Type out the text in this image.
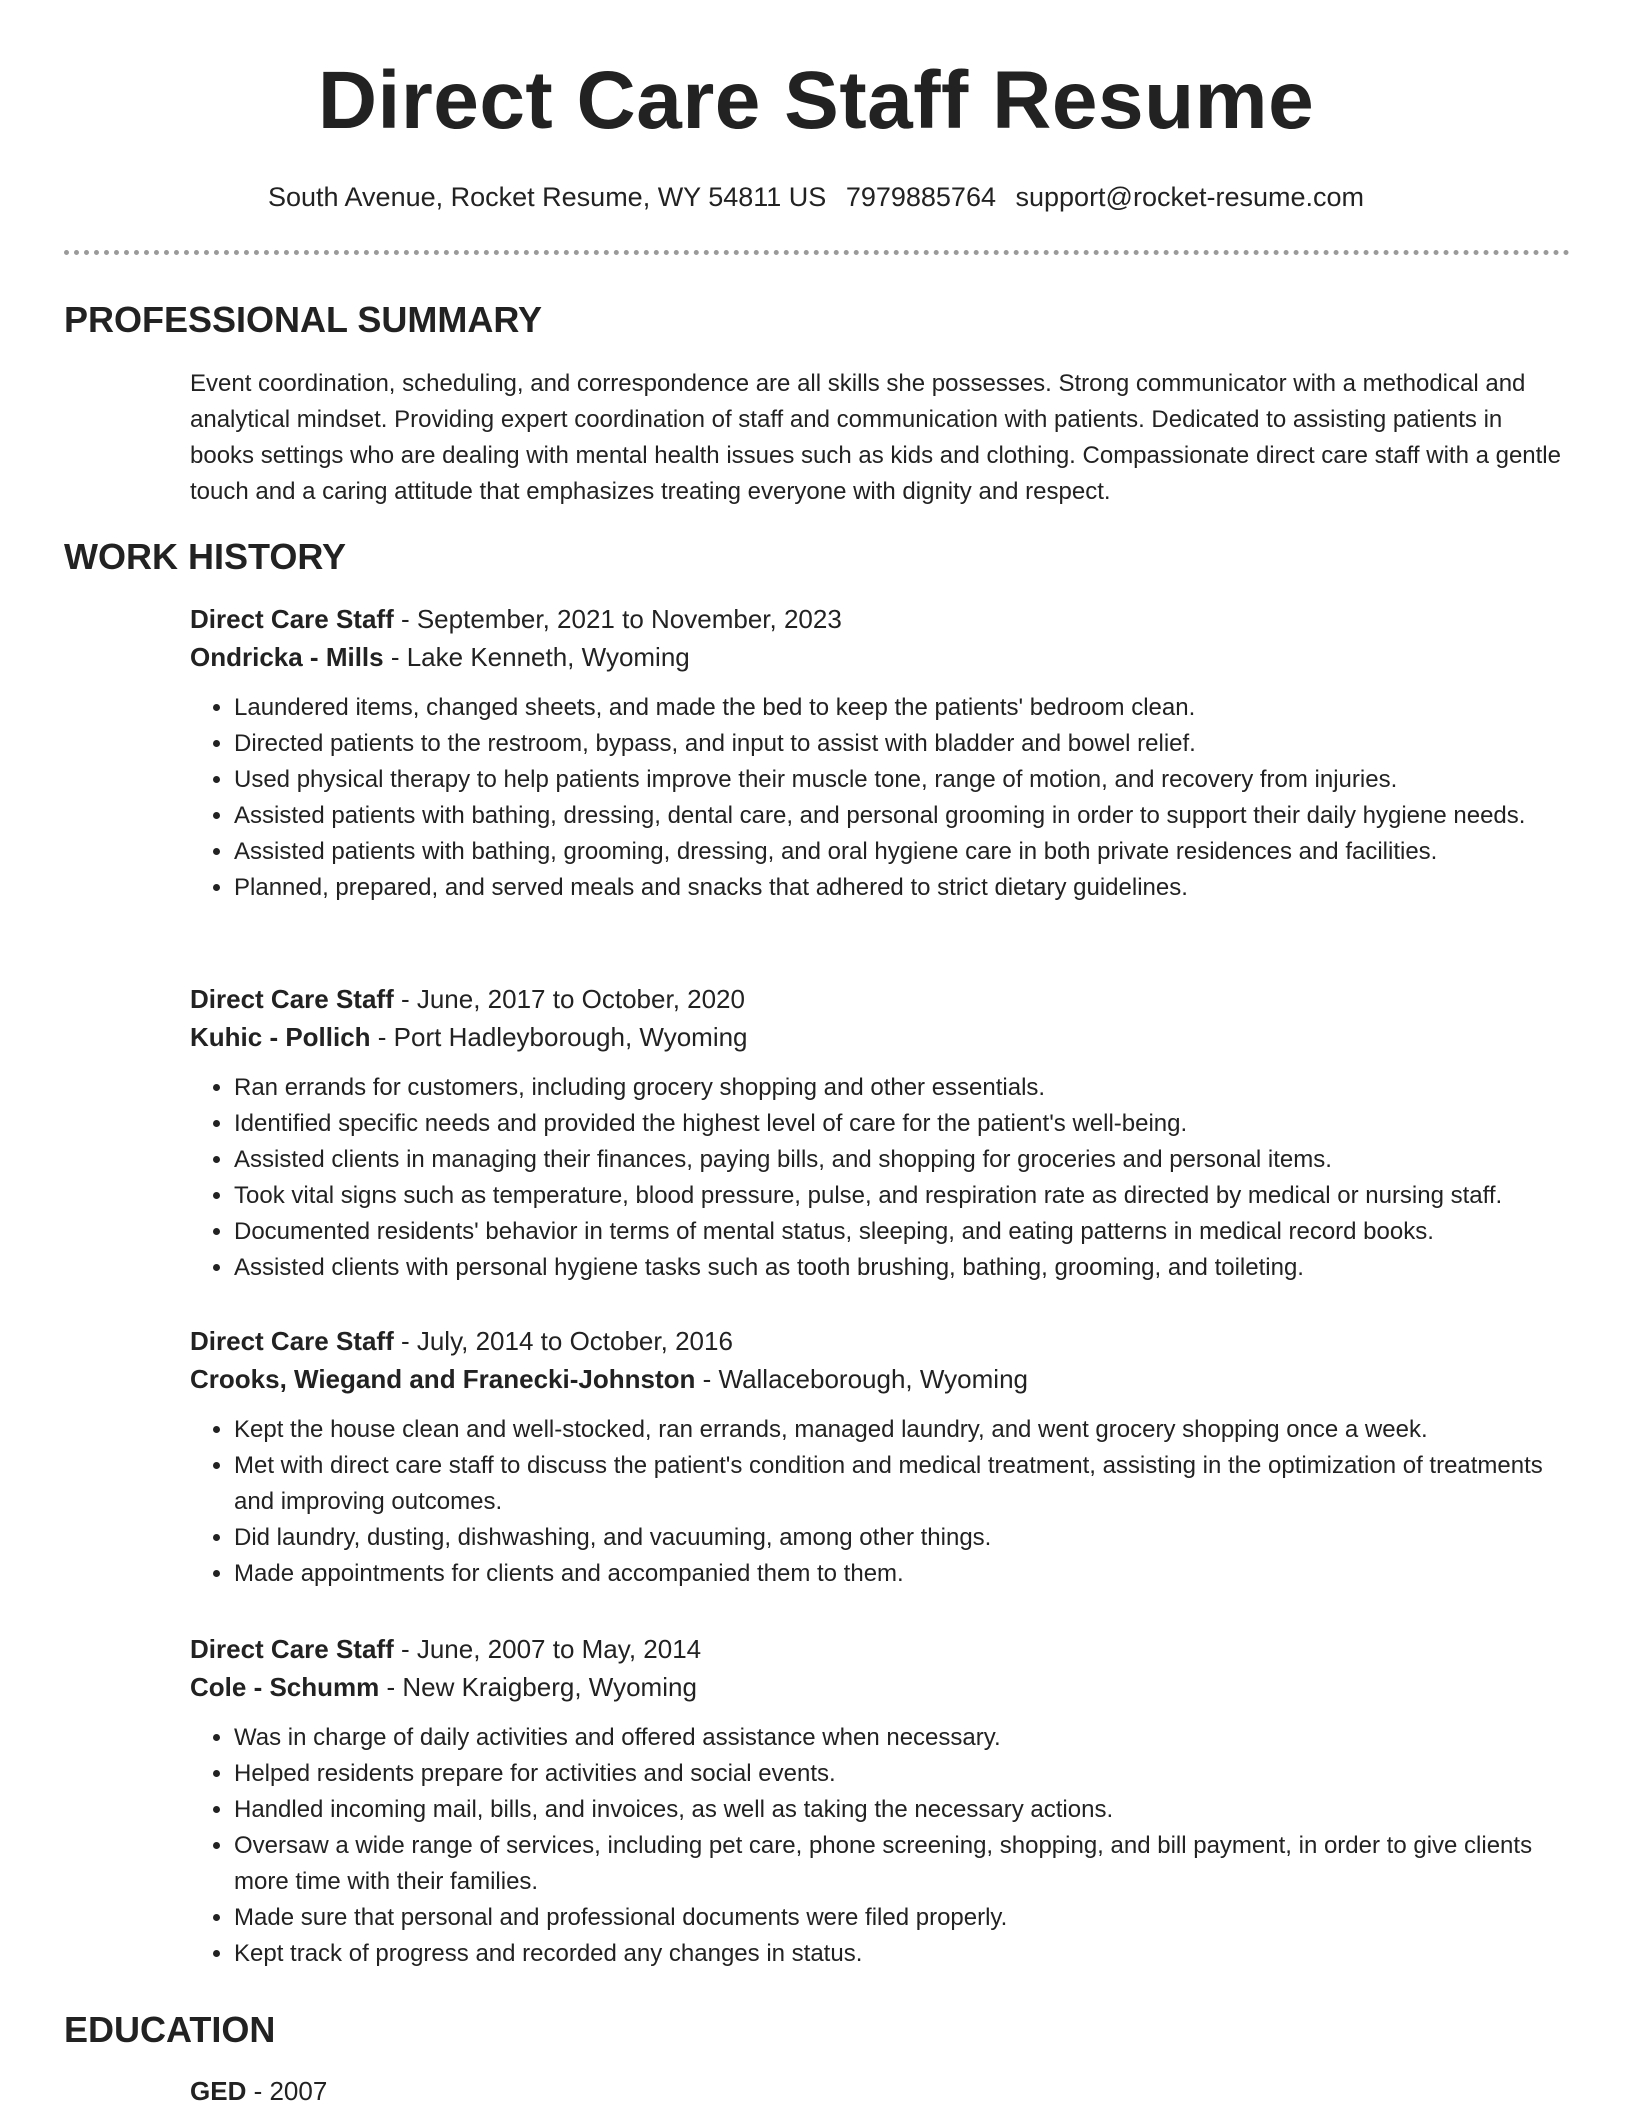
Direct Care Staff Resume
South Avenue, Rocket Resume, WY 54811 US 7979885764 support@rocket-resume.com
PROFESSIONAL SUMMARY

Event coordination, scheduling, and correspondence are all skills she possesses. Strong communicator with a methodical and analytical mindset. Providing expert coordination of staff and communication with patients. Dedicated to assisting patients in books settings who are dealing with mental health issues such as kids and clothing. Compassionate direct care staff with a gentle touch and a caring attitude that emphasizes treating everyone with dignity and respect.

WORK HISTORY

Direct Care Staff - September, 2021 to November, 2023

Ondricka - Mills - Lake Kenneth, Wyoming

• Laundered items, changed sheets, and made the bed to keep the patients' bedroom clean.
• Directed patients to the restroom, bypass, and input to assist with bladder and bowel relief.
• Used physical therapy to help patients improve their muscle tone, range of motion, and recovery from injuries.
• Assisted patients with bathing, dressing, dental care, and personal grooming in order to support their daily hygiene needs.
• Assisted patients with bathing, grooming, dressing, and oral hygiene care in both private residences and facilities.
• Planned, prepared, and served meals and snacks that adhered to strict dietary guidelines.

Direct Care Staff - June, 2017 to October, 2020

Kuhic - Pollich - Port Hadleyborough, Wyoming

• Ran errands for customers, including grocery shopping and other essentials.
• Identified specific needs and provided the highest level of care for the patient's well-being.
• Assisted clients in managing their finances, paying bills, and shopping for groceries and personal items.
• Took vital signs such as temperature, blood pressure, pulse, and respiration rate as directed by medical or nursing staff.
• Documented residents' behavior in terms of mental status, sleeping, and eating patterns in medical record books.
• Assisted clients with personal hygiene tasks such as tooth brushing, bathing, grooming, and toileting.

Direct Care Staff - July, 2014 to October, 2016

Crooks, Wiegand and Franecki-Johnston - Wallaceborough, Wyoming

• Kept the house clean and well-stocked, ran errands, managed laundry, and went grocery shopping once a week.
• Met with direct care staff to discuss the patient's condition and medical treatment, assisting in the optimization of treatments and improving outcomes.
• Did laundry, dusting, dishwashing, and vacuuming, among other things.
• Made appointments for clients and accompanied them to them.

Direct Care Staff - June, 2007 to May, 2014

Cole - Schumm - New Kraigberg, Wyoming

• Was in charge of daily activities and offered assistance when necessary.
• Helped residents prepare for activities and social events.
• Handled incoming mail, bills, and invoices, as well as taking the necessary actions.
• Oversaw a wide range of services, including pet care, phone screening, shopping, and bill payment, in order to give clients more time with their families.
• Made sure that personal and professional documents were filed properly.
• Kept track of progress and recorded any changes in status.
EDUCATION
GED - 2007
